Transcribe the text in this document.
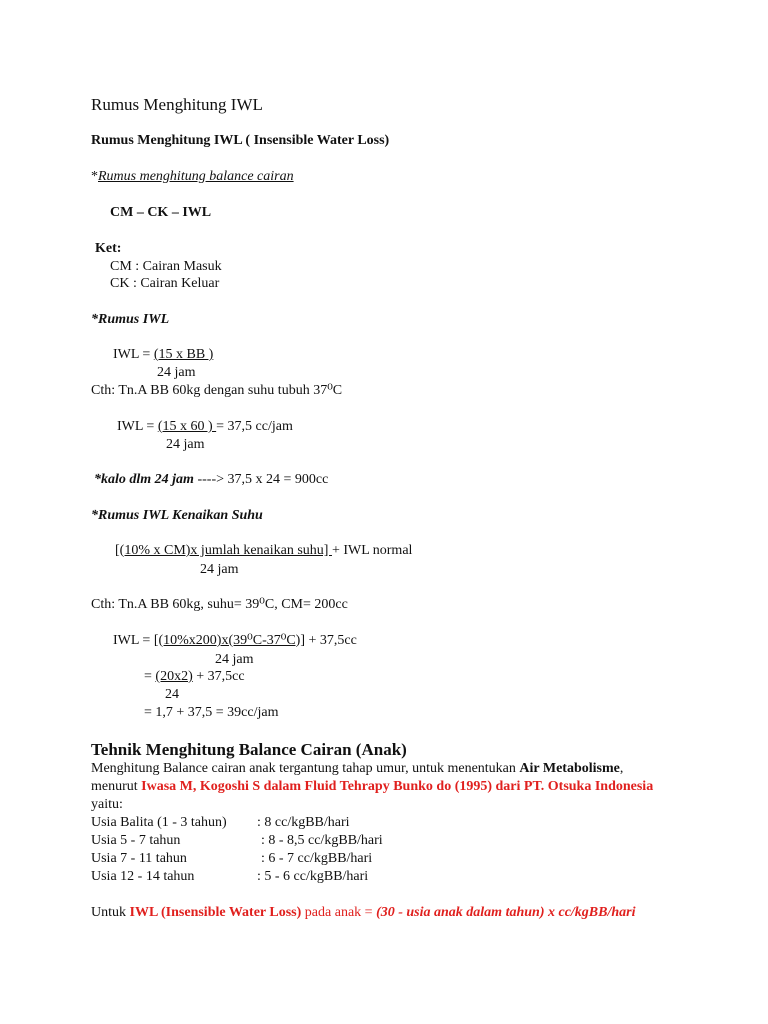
Rumus Menghitung IWL
Rumus Menghitung IWL ( Insensible Water Loss)
*Rumus menghitung balance cairan
CM – CK – IWL
Ket:
CM : Cairan Masuk
CK : Cairan Keluar
*Rumus IWL
IWL = (15 x BB )
24 jam
Cth: Tn.A BB 60kg dengan suhu tubuh 37⁰C
IWL = (15 x 60 ) = 37,5 cc/jam
24 jam
*kalo dlm 24 jam ----> 37,5 x 24 = 900cc
*Rumus IWL Kenaikan Suhu
[(10% x CM)x jumlah kenaikan suhu] + IWL normal
24 jam
Cth: Tn.A BB 60kg, suhu= 39⁰C, CM= 200cc
IWL = [(10%x200)x(39⁰C-37⁰C)] + 37,5cc
24 jam
= (20x2) + 37,5cc
24
= 1,7 + 37,5 = 39cc/jam
Tehnik Menghitung Balance Cairan (Anak)
Menghitung Balance cairan anak tergantung tahap umur, untuk menentukan Air Metabolisme, menurut Iwasa M, Kogoshi S dalam Fluid Tehrapy Bunko do (1995) dari PT. Otsuka Indonesia yaitu:
Usia Balita (1 - 3 tahun) : 8 cc/kgBB/hari
Usia 5 - 7 tahun	: 8 - 8,5 cc/kgBB/hari
Usia 7 - 11 tahun	: 6 - 7 cc/kgBB/hari
Usia 12 - 14 tahun	: 5 - 6 cc/kgBB/hari
Untuk IWL (Insensible Water Loss) pada anak = (30 - usia anak dalam tahun) x cc/kgBB/hari
